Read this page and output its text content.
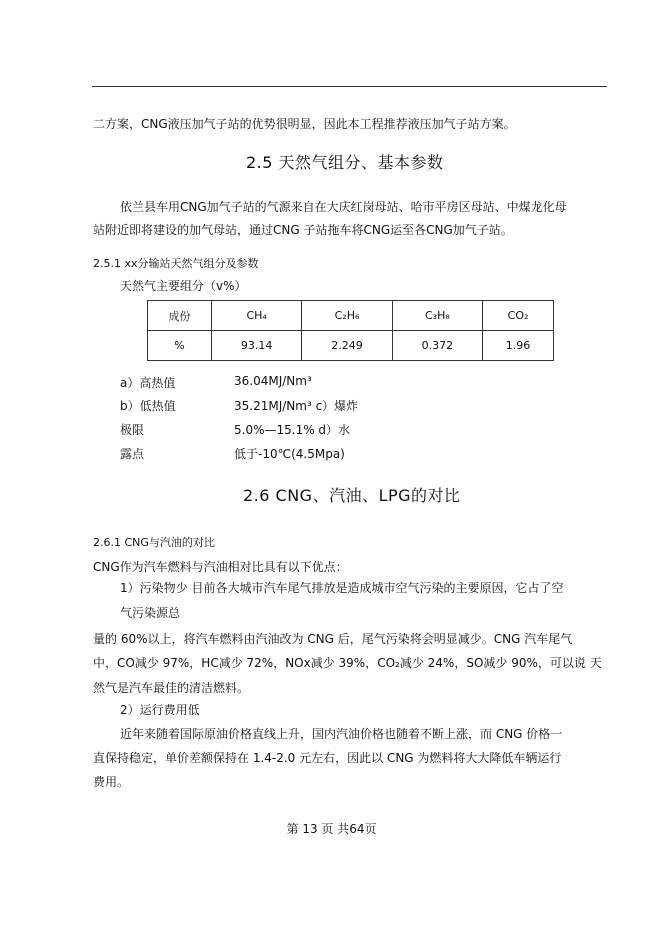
二方案，CNG液压加气子站的优势很明显，因此本工程推荐液压加气子站方案。
2.5 天然气组分、基本参数
依兰县车用CNG加气子站的气源来自在大庆红岗母站、哈市平房区母站、中煤龙化母
站附近即将建设的加气母站，通过CNG 子站拖车将CNG运至各CNG加气子站。
2.5.1 xx分输站天然气组分及参数
天然气主要组分（v%）
成份	CH₄	C₂H₆	C₃H₈	CO₂
%	93.14	2.249	0.372	1.96
a）高热值	36.04MJ/Nm³
b）低热值	35.21MJ/Nm³ c）爆炸
极限	5.0%—15.1% d）水
露点	低于-10℃(4.5Mpa)
2.6 CNG、汽油、LPG的对比
2.6.1 CNG与汽油的对比
CNG作为汽车燃料与汽油相对比具有以下优点：
1）污染物少 目前各大城市汽车尾气排放是造成城市空气污染的主要原因，它占了空
气污染源总
量的 60%以上，将汽车燃料由汽油改为 CNG 后，尾气污染将会明显减少。CNG 汽车尾气
中，CO减少 97%，HC减少 72%，NOx减少 39%，CO₂减少 24%，SO减少 90%，可以说 天
然气是汽车最佳的清洁燃料。
2）运行费用低
近年来随着国际原油价格直线上升，国内汽油价格也随着不断上涨，而 CNG 价格一
直保持稳定，单价差额保持在 1.4-2.0 元左右，因此以 CNG 为燃料将大大降低车辆运行
费用。
第 13 页 共64页
